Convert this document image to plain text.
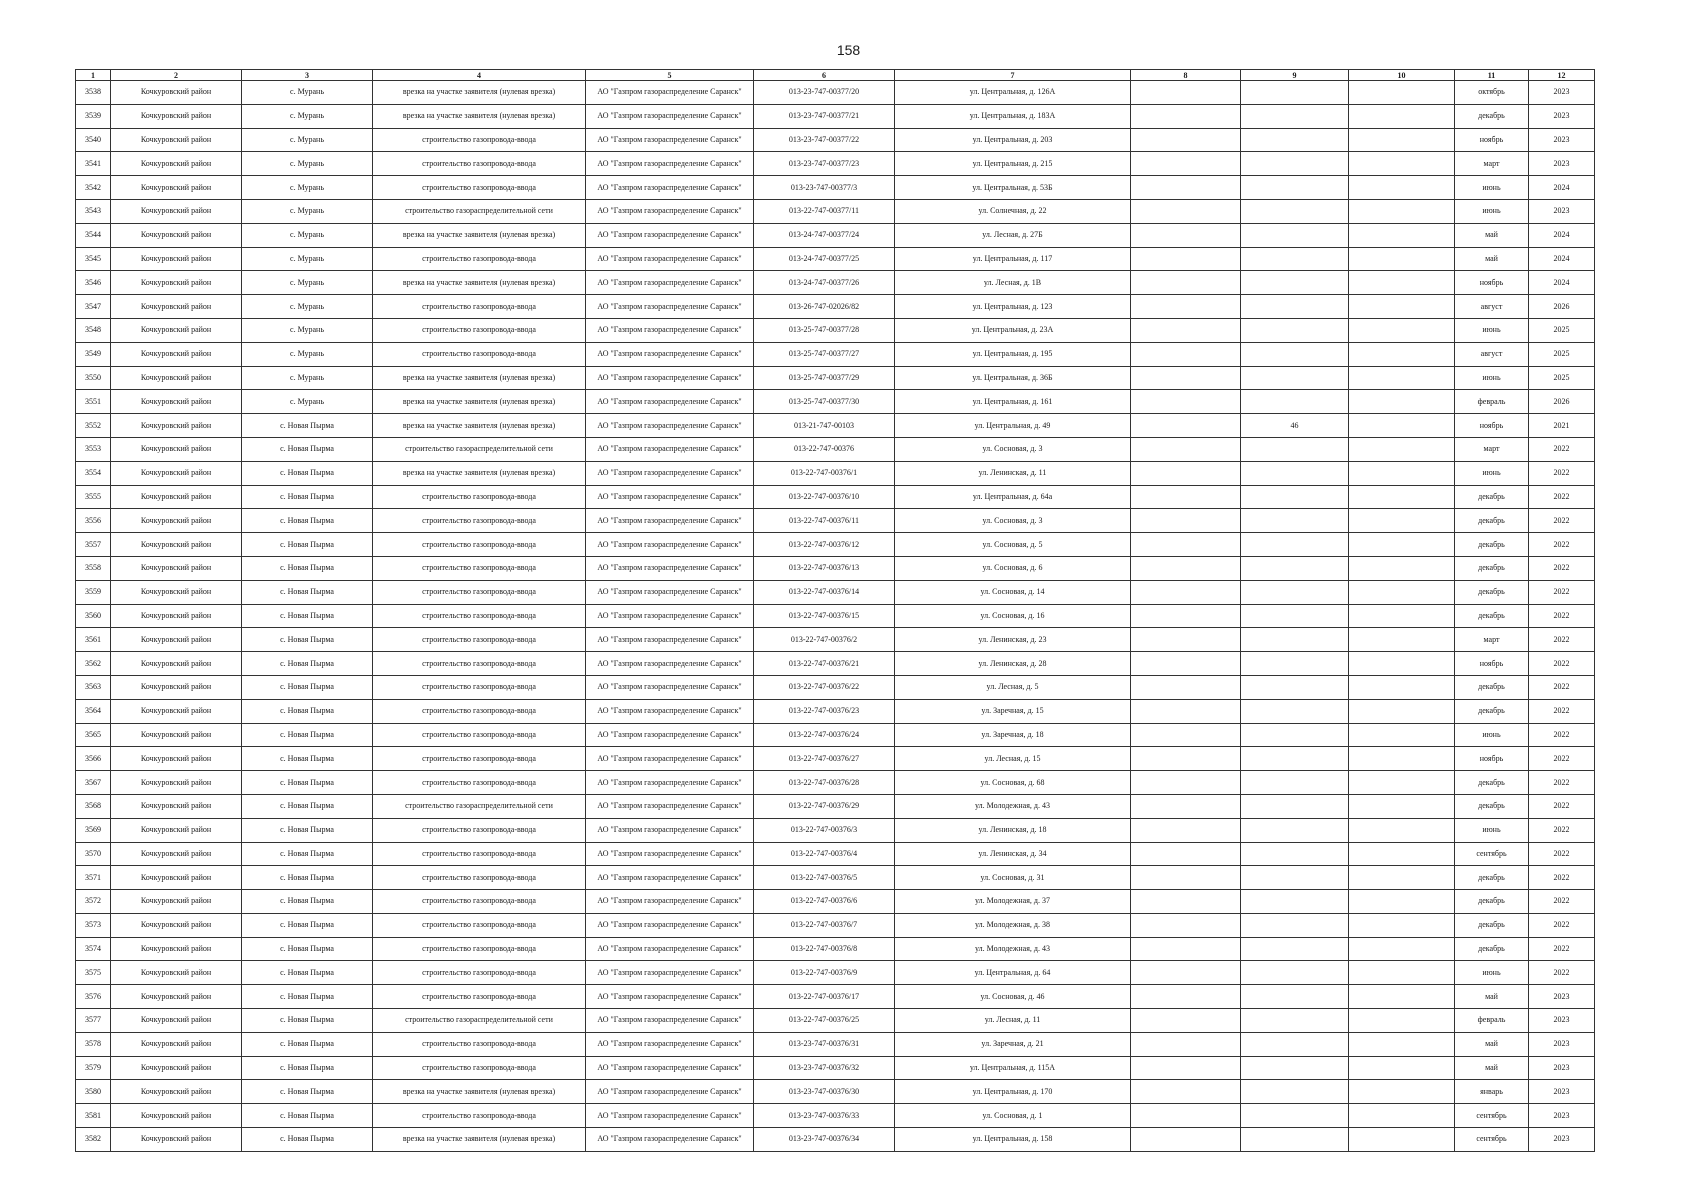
158
1	2	3	4	5	6	7	8	9	10	11	12
3538	Кочкуровский район	с. Мурань	врезка на участке заявителя (нулевая врезка)	АО "Газпром газораспределение Саранск"	013-23-747-00377/20	ул. Центральная, д. 126А				октябрь	2023
3539	Кочкуровский район	с. Мурань	врезка на участке заявителя (нулевая врезка)	АО "Газпром газораспределение Саранск"	013-23-747-00377/21	ул. Центральная, д. 183А				декабрь	2023
3540	Кочкуровский район	с. Мурань	строительство газопровода-ввода	АО "Газпром газораспределение Саранск"	013-23-747-00377/22	ул. Центральная, д. 203				ноябрь	2023
3541	Кочкуровский район	с. Мурань	строительство газопровода-ввода	АО "Газпром газораспределение Саранск"	013-23-747-00377/23	ул. Центральная, д. 215				март	2023
3542	Кочкуровский район	с. Мурань	строительство газопровода-ввода	АО "Газпром газораспределение Саранск"	013-23-747-00377/3	ул. Центральная, д. 53Б				июнь	2024
3543	Кочкуровский район	с. Мурань	строительство газораспределительной сети	АО "Газпром газораспределение Саранск"	013-22-747-00377/11	ул. Солнечная, д. 22				июнь	2023
3544	Кочкуровский район	с. Мурань	врезка на участке заявителя (нулевая врезка)	АО "Газпром газораспределение Саранск"	013-24-747-00377/24	ул. Лесная, д. 27Б				май	2024
3545	Кочкуровский район	с. Мурань	строительство газопровода-ввода	АО "Газпром газораспределение Саранск"	013-24-747-00377/25	ул. Центральная, д. 117				май	2024
3546	Кочкуровский район	с. Мурань	врезка на участке заявителя (нулевая врезка)	АО "Газпром газораспределение Саранск"	013-24-747-00377/26	ул. Лесная, д. 1В				ноябрь	2024
3547	Кочкуровский район	с. Мурань	строительство газопровода-ввода	АО "Газпром газораспределение Саранск"	013-26-747-02026/82	ул. Центральная, д. 123				август	2026
3548	Кочкуровский район	с. Мурань	строительство газопровода-ввода	АО "Газпром газораспределение Саранск"	013-25-747-00377/28	ул. Центральная, д. 23А				июнь	2025
3549	Кочкуровский район	с. Мурань	строительство газопровода-ввода	АО "Газпром газораспределение Саранск"	013-25-747-00377/27	ул. Центральная, д. 195				август	2025
3550	Кочкуровский район	с. Мурань	врезка на участке заявителя (нулевая врезка)	АО "Газпром газораспределение Саранск"	013-25-747-00377/29	ул. Центральная, д. 36Б				июнь	2025
3551	Кочкуровский район	с. Мурань	врезка на участке заявителя (нулевая врезка)	АО "Газпром газораспределение Саранск"	013-25-747-00377/30	ул. Центральная, д. 161				февраль	2026
3552	Кочкуровский район	с. Новая Пырма	врезка на участке заявителя (нулевая врезка)	АО "Газпром газораспределение Саранск"	013-21-747-00103	ул. Центральная, д. 49		46		ноябрь	2021
3553	Кочкуровский район	с. Новая Пырма	строительство газораспределительной сети	АО "Газпром газораспределение Саранск"	013-22-747-00376	ул. Сосновая, д. 3				март	2022
3554	Кочкуровский район	с. Новая Пырма	врезка на участке заявителя (нулевая врезка)	АО "Газпром газораспределение Саранск"	013-22-747-00376/1	ул. Ленинская, д. 11				июнь	2022
3555	Кочкуровский район	с. Новая Пырма	строительство газопровода-ввода	АО "Газпром газораспределение Саранск"	013-22-747-00376/10	ул. Центральная, д. 64а				декабрь	2022
3556	Кочкуровский район	с. Новая Пырма	строительство газопровода-ввода	АО "Газпром газораспределение Саранск"	013-22-747-00376/11	ул. Сосновая, д. 3				декабрь	2022
3557	Кочкуровский район	с. Новая Пырма	строительство газопровода-ввода	АО "Газпром газораспределение Саранск"	013-22-747-00376/12	ул. Сосновая, д. 5				декабрь	2022
3558	Кочкуровский район	с. Новая Пырма	строительство газопровода-ввода	АО "Газпром газораспределение Саранск"	013-22-747-00376/13	ул. Сосновая, д. 6				декабрь	2022
3559	Кочкуровский район	с. Новая Пырма	строительство газопровода-ввода	АО "Газпром газораспределение Саранск"	013-22-747-00376/14	ул. Сосновая, д. 14				декабрь	2022
3560	Кочкуровский район	с. Новая Пырма	строительство газопровода-ввода	АО "Газпром газораспределение Саранск"	013-22-747-00376/15	ул. Сосновая, д. 16				декабрь	2022
3561	Кочкуровский район	с. Новая Пырма	строительство газопровода-ввода	АО "Газпром газораспределение Саранск"	013-22-747-00376/2	ул. Ленинская, д. 23				март	2022
3562	Кочкуровский район	с. Новая Пырма	строительство газопровода-ввода	АО "Газпром газораспределение Саранск"	013-22-747-00376/21	ул. Ленинская, д. 28				ноябрь	2022
3563	Кочкуровский район	с. Новая Пырма	строительство газопровода-ввода	АО "Газпром газораспределение Саранск"	013-22-747-00376/22	ул. Лесная, д. 5				декабрь	2022
3564	Кочкуровский район	с. Новая Пырма	строительство газопровода-ввода	АО "Газпром газораспределение Саранск"	013-22-747-00376/23	ул. Заречная, д. 15				декабрь	2022
3565	Кочкуровский район	с. Новая Пырма	строительство газопровода-ввода	АО "Газпром газораспределение Саранск"	013-22-747-00376/24	ул. Заречная, д. 18				июнь	2022
3566	Кочкуровский район	с. Новая Пырма	строительство газопровода-ввода	АО "Газпром газораспределение Саранск"	013-22-747-00376/27	ул. Лесная, д. 15				ноябрь	2022
3567	Кочкуровский район	с. Новая Пырма	строительство газопровода-ввода	АО "Газпром газораспределение Саранск"	013-22-747-00376/28	ул. Сосновая, д. 68				декабрь	2022
3568	Кочкуровский район	с. Новая Пырма	строительство газораспределительной сети	АО "Газпром газораспределение Саранск"	013-22-747-00376/29	ул. Молодежная, д. 43				декабрь	2022
3569	Кочкуровский район	с. Новая Пырма	строительство газопровода-ввода	АО "Газпром газораспределение Саранск"	013-22-747-00376/3	ул. Ленинская, д. 18				июнь	2022
3570	Кочкуровский район	с. Новая Пырма	строительство газопровода-ввода	АО "Газпром газораспределение Саранск"	013-22-747-00376/4	ул. Ленинская, д. 34				сентябрь	2022
3571	Кочкуровский район	с. Новая Пырма	строительство газопровода-ввода	АО "Газпром газораспределение Саранск"	013-22-747-00376/5	ул. Сосновая, д. 31				декабрь	2022
3572	Кочкуровский район	с. Новая Пырма	строительство газопровода-ввода	АО "Газпром газораспределение Саранск"	013-22-747-00376/6	ул. Молодежная, д. 37				декабрь	2022
3573	Кочкуровский район	с. Новая Пырма	строительство газопровода-ввода	АО "Газпром газораспределение Саранск"	013-22-747-00376/7	ул. Молодежная, д. 38				декабрь	2022
3574	Кочкуровский район	с. Новая Пырма	строительство газопровода-ввода	АО "Газпром газораспределение Саранск"	013-22-747-00376/8	ул. Молодежная, д. 43				декабрь	2022
3575	Кочкуровский район	с. Новая Пырма	строительство газопровода-ввода	АО "Газпром газораспределение Саранск"	013-22-747-00376/9	ул. Центральная, д. 64				июнь	2022
3576	Кочкуровский район	с. Новая Пырма	строительство газопровода-ввода	АО "Газпром газораспределение Саранск"	013-22-747-00376/17	ул. Сосновая, д. 46				май	2023
3577	Кочкуровский район	с. Новая Пырма	строительство газораспределительной сети	АО "Газпром газораспределение Саранск"	013-22-747-00376/25	ул. Лесная, д. 11				февраль	2023
3578	Кочкуровский район	с. Новая Пырма	строительство газопровода-ввода	АО "Газпром газораспределение Саранск"	013-23-747-00376/31	ул. Заречная, д. 21				май	2023
3579	Кочкуровский район	с. Новая Пырма	строительство газопровода-ввода	АО "Газпром газораспределение Саранск"	013-23-747-00376/32	ул. Центральная, д. 115А				май	2023
3580	Кочкуровский район	с. Новая Пырма	врезка на участке заявителя (нулевая врезка)	АО "Газпром газораспределение Саранск"	013-23-747-00376/30	ул. Центральная, д. 170				январь	2023
3581	Кочкуровский район	с. Новая Пырма	строительство газопровода-ввода	АО "Газпром газораспределение Саранск"	013-23-747-00376/33	ул. Сосновая, д. 1				сентябрь	2023
3582	Кочкуровский район	с. Новая Пырма	врезка на участке заявителя (нулевая врезка)	АО "Газпром газораспределение Саранск"	013-23-747-00376/34	ул. Центральная, д. 158				сентябрь	2023
